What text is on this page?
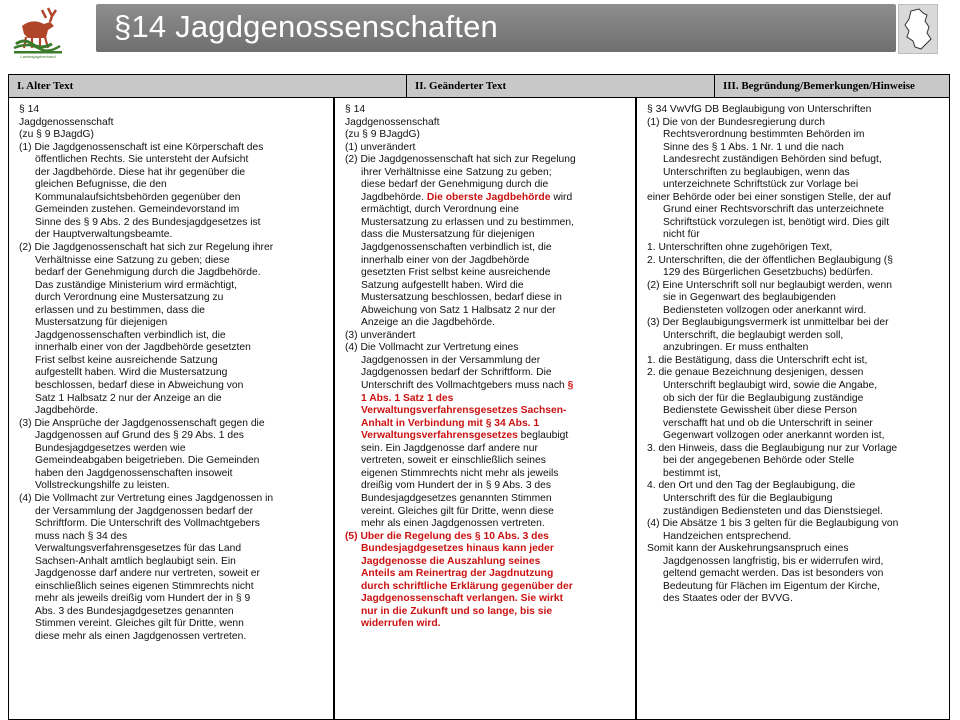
Landesjagdverband
§14 Jagdgenossenschaften
I. Alter Text	II. Geänderter Text	III. Begründung/Bemerkungen/Hinweise
§ 14
Jagdgenossenschaft
(zu § 9 BJagdG)
(1) Die Jagdgenossenschaft ist eine Körperschaft des
öffentlichen Rechts. Sie untersteht der Aufsicht
der Jagdbehörde. Diese hat ihr gegenüber die
gleichen Befugnisse, die den
Kommunalaufsichtsbehörden gegenüber den
Gemeinden zustehen. Gemeindevorstand im
Sinne des § 9 Abs. 2 des Bundesjagdgesetzes ist
der Hauptverwaltungsbeamte.
(2) Die Jagdgenossenschaft hat sich zur Regelung ihrer
Verhältnisse eine Satzung zu geben; diese
bedarf der Genehmigung durch die Jagdbehörde.
Das zuständige Ministerium wird ermächtigt,
durch Verordnung eine Mustersatzung zu
erlassen und zu bestimmen, dass die
Mustersatzung für diejenigen
Jagdgenossenschaften verbindlich ist, die
innerhalb einer von der Jagdbehörde gesetzten
Frist selbst keine ausreichende Satzung
aufgestellt haben. Wird die Mustersatzung
beschlossen, bedarf diese in Abweichung von
Satz 1 Halbsatz 2 nur der Anzeige an die
Jagdbehörde.
(3) Die Ansprüche der Jagdgenossenschaft gegen die
Jagdgenossen auf Grund des § 29 Abs. 1 des
Bundesjagdgesetzes werden wie
Gemeindeabgaben beigetrieben. Die Gemeinden
haben den Jagdgenossenschaften insoweit
Vollstreckungshilfe zu leisten.
(4) Die Vollmacht zur Vertretung eines Jagdgenossen in
der Versammlung der Jagdgenossen bedarf der
Schriftform. Die Unterschrift des Vollmachtgebers
muss nach § 34 des
Verwaltungsverfahrensgesetzes für das Land
Sachsen-Anhalt amtlich beglaubigt sein. Ein
Jagdgenosse darf andere nur vertreten, soweit er
einschließlich seines eigenen Stimmrechts nicht
mehr als jeweils dreißig vom Hundert der in § 9
Abs. 3 des Bundesjagdgesetzes genannten
Stimmen vereint. Gleiches gilt für Dritte, wenn
diese mehr als einen Jagdgenossen vertreten.
§ 14
Jagdgenossenschaft
(zu § 9 BJagdG)
(1) unverändert
(2) Die Jagdgenossenschaft hat sich zur Regelung
ihrer Verhältnisse eine Satzung zu geben;
diese bedarf der Genehmigung durch die
Jagdbehörde. Die oberste Jagdbehörde wird
ermächtigt, durch Verordnung eine
Mustersatzung zu erlassen und zu bestimmen,
dass die Mustersatzung für diejenigen
Jagdgenossenschaften verbindlich ist, die
innerhalb einer von der Jagdbehörde
gesetzten Frist selbst keine ausreichende
Satzung aufgestellt haben. Wird die
Mustersatzung beschlossen, bedarf diese in
Abweichung von Satz 1 Halbsatz 2 nur der
Anzeige an die Jagdbehörde.
(3) unverändert
(4) Die Vollmacht zur Vertretung eines
Jagdgenossen in der Versammlung der
Jagdgenossen bedarf der Schriftform. Die
Unterschrift des Vollmachtgebers muss nach §
1 Abs. 1 Satz 1 des
Verwaltungsverfahrensgesetzes Sachsen-
Anhalt in Verbindung mit § 34 Abs. 1
Verwaltungsverfahrensgesetzes beglaubigt
sein. Ein Jagdgenosse darf andere nur
vertreten, soweit er einschließlich seines
eigenen Stimmrechts nicht mehr als jeweils
dreißig vom Hundert der in § 9 Abs. 3 des
Bundesjagdgesetzes genannten Stimmen
vereint. Gleiches gilt für Dritte, wenn diese
mehr als einen Jagdgenossen vertreten.
(5) Über die Regelung des § 10 Abs. 3 des
Bundesjagdgesetzes hinaus kann jeder
Jagdgenosse die Auszahlung seines
Anteils am Reinertrag der Jagdnutzung
durch schriftliche Erklärung gegenüber der
Jagdgenossenschaft verlangen. Sie wirkt
nur in die Zukunft und so lange, bis sie
widerrufen wird.
§ 34 VwVfG DB Beglaubigung von Unterschriften
(1) Die von der Bundesregierung durch
Rechtsverordnung bestimmten Behörden im
Sinne des § 1 Abs. 1 Nr. 1 und die nach
Landesrecht zuständigen Behörden sind befugt,
Unterschriften zu beglaubigen, wenn das
unterzeichnete Schriftstück zur Vorlage bei
einer Behörde oder bei einer sonstigen Stelle, der auf
Grund einer Rechtsvorschrift das unterzeichnete
Schriftstück vorzulegen ist, benötigt wird. Dies gilt
nicht für
1. Unterschriften ohne zugehörigen Text,
2. Unterschriften, die der öffentlichen Beglaubigung (§
129 des Bürgerlichen Gesetzbuchs) bedürfen.
(2) Eine Unterschrift soll nur beglaubigt werden, wenn
sie in Gegenwart des beglaubigenden
Bediensteten vollzogen oder anerkannt wird.
(3) Der Beglaubigungsvermerk ist unmittelbar bei der
Unterschrift, die beglaubigt werden soll,
anzubringen. Er muss enthalten
1. die Bestätigung, dass die Unterschrift echt ist,
2. die genaue Bezeichnung desjenigen, dessen
Unterschrift beglaubigt wird, sowie die Angabe,
ob sich der für die Beglaubigung zuständige
Bedienstete Gewissheit über diese Person
verschafft hat und ob die Unterschrift in seiner
Gegenwart vollzogen oder anerkannt worden ist,
3. den Hinweis, dass die Beglaubigung nur zur Vorlage
bei der angegebenen Behörde oder Stelle
bestimmt ist,
4. den Ort und den Tag der Beglaubigung, die
Unterschrift des für die Beglaubigung
zuständigen Bediensteten und das Dienstsiegel.
(4) Die Absätze 1 bis 3 gelten für die Beglaubigung von
Handzeichen entsprechend.
Somit kann der Auskehrungsanspruch eines
Jagdgenossen langfristig, bis er widerrufen wird,
geltend gemacht werden. Das ist besonders von
Bedeutung für Flächen im Eigentum der Kirche,
des Staates oder der BVVG.
